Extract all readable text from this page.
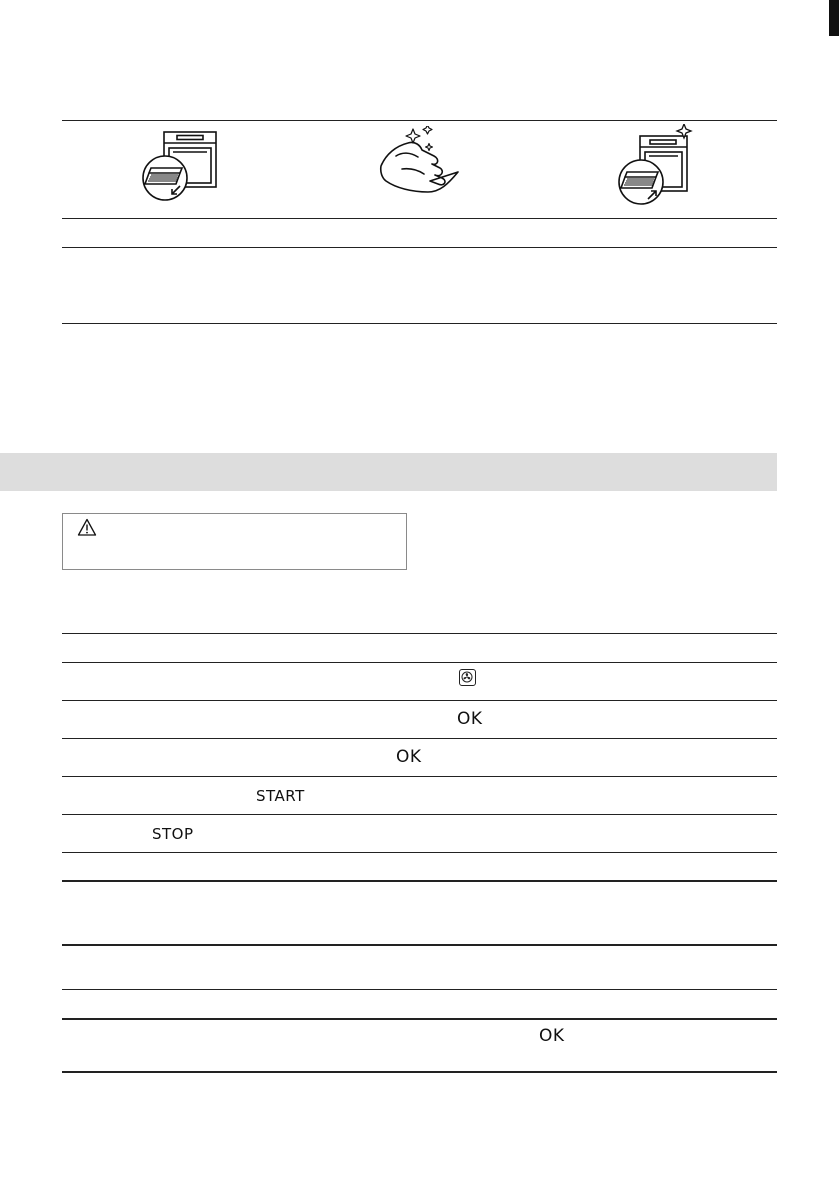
OK
OK
START
STOP
OK
